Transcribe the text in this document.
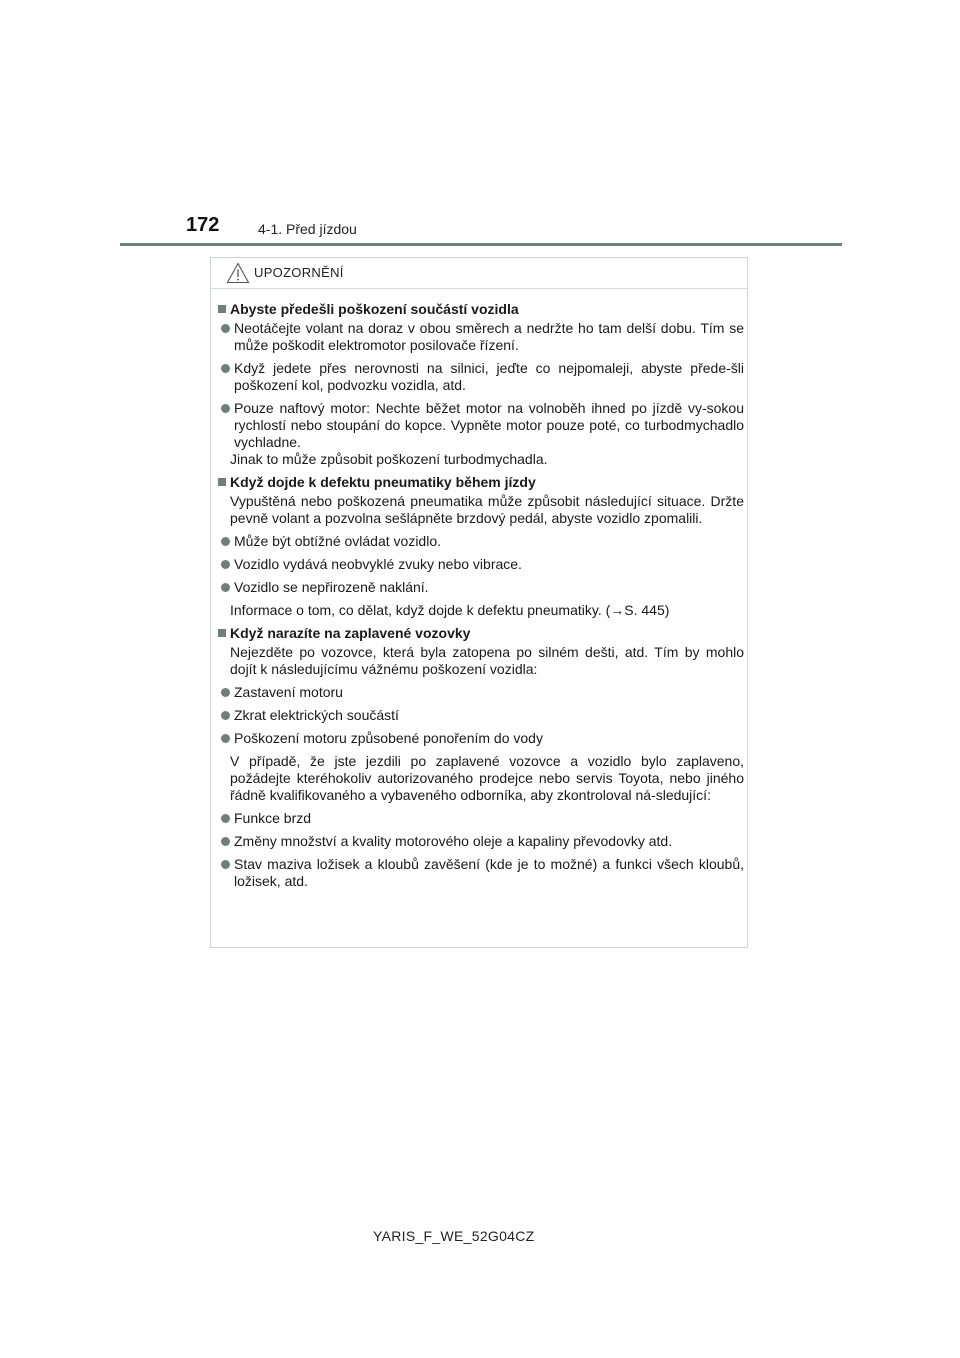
172	4-1. Před jízdou
UPOZORNĚNÍ
Abyste předešli poškození součástí vozidla
Neotáčejte volant na doraz v obou směrech a nedržte ho tam delší dobu. Tím se může poškodit elektromotor posilovače řízení.
Když jedete přes nerovnosti na silnici, jeďte co nejpomaleji, abyste přede-šli poškození kol, podvozku vozidla, atd.
Pouze naftový motor: Nechte běžet motor na volnoběh ihned po jízdě vy-sokou rychlostí nebo stoupání do kopce. Vypněte motor pouze poté, co turbodmychadlo vychladne.
Jinak to může způsobit poškození turbodmychadla.
Když dojde k defektu pneumatiky během jízdy
Vypuštěná nebo poškozená pneumatika může způsobit následující situace. Držte pevně volant a pozvolna sešlápněte brzdový pedál, abyste vozidlo zpomalili.
Může být obtížné ovládat vozidlo.
Vozidlo vydává neobvyklé zvuky nebo vibrace.
Vozidlo se nepřirozeně naklání.
Informace o tom, co dělat, když dojde k defektu pneumatiky. (→S. 445)
Když narazíte na zaplavené vozovky
Nejezděte po vozovce, která byla zatopena po silném dešti, atd. Tím by mohlo dojít k následujícímu vážnému poškození vozidla:
Zastavení motoru
Zkrat elektrických součástí
Poškození motoru způsobené ponořením do vody
V případě, že jste jezdili po zaplavené vozovce a vozidlo bylo zaplaveno, požádejte kteréhokoliv autorizovaného prodejce nebo servis Toyota, nebo jiného řádně kvalifikovaného a vybaveného odborníka, aby zkontroloval ná-sledující:
Funkce brzd
Změny množství a kvality motorového oleje a kapaliny převodovky atd.
Stav maziva ložisek a kloubů zavěšení (kde je to možné) a funkci všech kloubů, ložisek, atd.
YARIS_F_WE_52G04CZ
